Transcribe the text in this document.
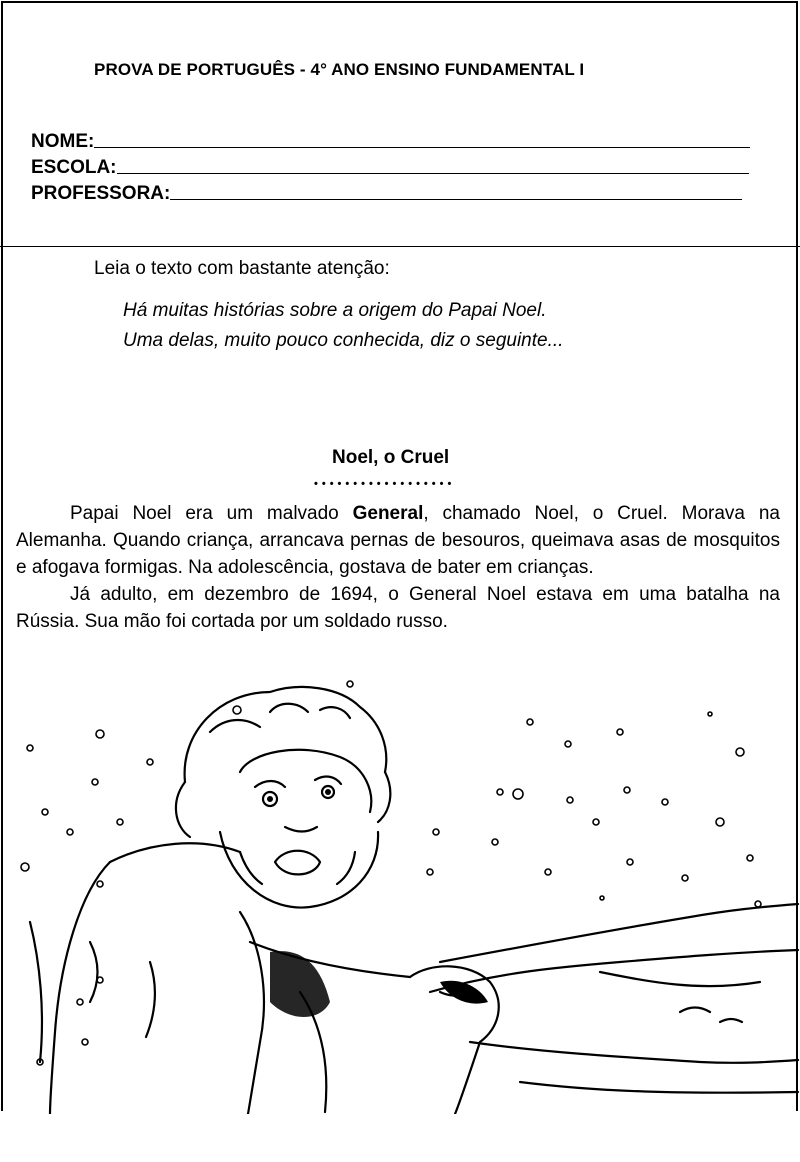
PROVA DE PORTUGUÊS - 4° ANO ENSINO FUNDAMENTAL I
NOME:
ESCOLA:
PROFESSORA:
Leia o texto com bastante atenção:
Há muitas histórias sobre a origem do Papai Noel.
Uma delas, muito pouco conhecida, diz o seguinte...
Noel, o Cruel
••••••••••••••••••

Papai Noel era um malvado General, chamado Noel, o Cruel. Morava na Alemanha. Quando criança, arrancava pernas de besouros, queimava asas de mosquitos e afogava formigas. Na adolescência, gostava de bater em crianças.

Já adulto, em dezembro de 1694, o General Noel estava em uma batalha na Rússia. Sua mão foi cortada por um soldado russo.
